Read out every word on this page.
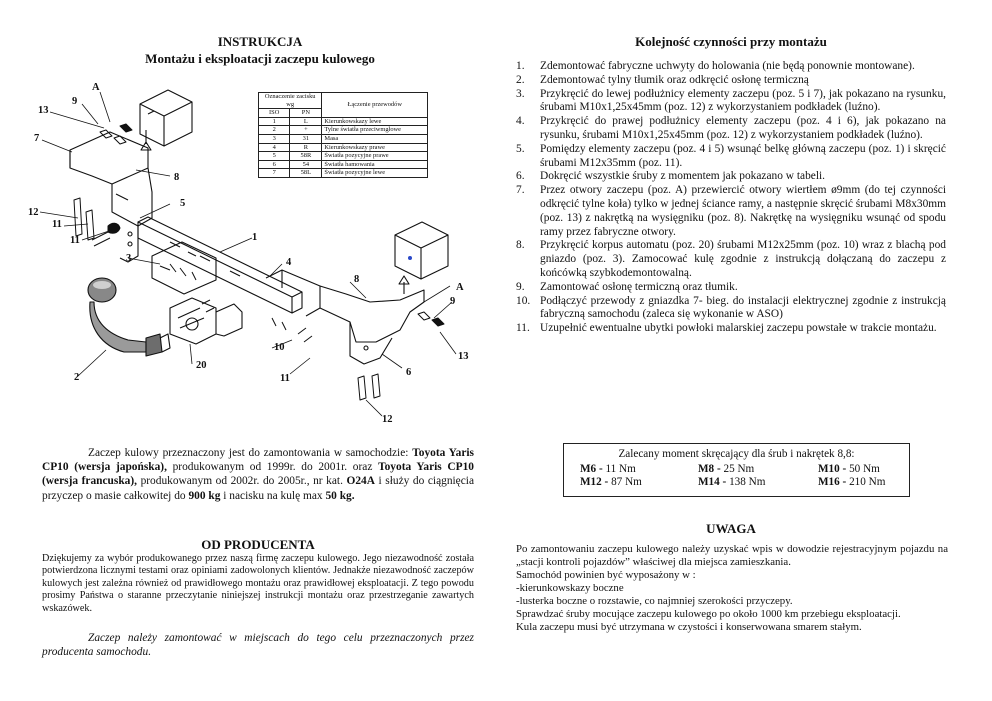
INSTRUKCJA
Montażu i eksploatacji zaczepu kulowego
A
9
13
7
8
5
12
11
11
3
1
4
8
A
9
13
10
20
2	6
11
12
Oznaczenie zacisku wg		Łączenie przewodów
ISO	PN	
1	L	Kierunkowskazy lewe
2	+	Tylne światła przeciwmgłowe
3	31	Masa
4	R	Kierunkowskazy prawe
5	58R	Światła pozycyjne prawe
6	54	Światła hamowania
7	58L	Światła pozycyjne lewe
Zaczep kulowy przeznaczony jest do zamontowania w samochodzie: Toyota Yaris CP10 (wersja japońska), produkowanym od 1999r. do 2001r. oraz Toyota Yaris CP10 (wersja francuska), produkowanym od 2002r. do 2005r., nr kat. O24A i służy do ciągnięcia przyczep o masie całkowitej do 900 kg i nacisku na kulę max 50 kg.
OD PRODUCENTA
Dziękujemy za wybór produkowanego przez naszą firmę zaczepu kulowego. Jego niezawodność została potwierdzona licznymi testami oraz opiniami zadowolonych klientów. Jednakże niezawodność zaczepów kulowych jest zależna również od prawidłowego montażu oraz prawidłowej eksploatacji. Z tego powodu prosimy Państwa o staranne przeczytanie niniejszej instrukcji montażu oraz przestrzeganie zawartych wskazówek.
Zaczep należy zamontować w miejscach do tego celu przeznaczonych przez producenta samochodu.
Kolejność czynności przy montażu
1. Zdemontować fabryczne uchwyty do holowania (nie będą ponownie montowane).
2. Zdemontować tylny tłumik oraz odkręcić osłonę termiczną
3. Przykręcić do lewej podłużnicy elementy zaczepu (poz. 5 i 7), jak pokazano na rysunku, śrubami M10x1,25x45mm (poz. 12) z wykorzystaniem podkładek (luźno).
4. Przykręcić do prawej podłużnicy elementy zaczepu (poz. 4 i 6), jak pokazano na rysunku, śrubami M10x1,25x45mm (poz. 12) z wykorzystaniem podkładek (luźno).
5. Pomiędzy elementy zaczepu (poz. 4 i 5) wsunąć belkę główną zaczepu (poz. 1) i skręcić śrubami M12x35mm (poz. 11).
6. Dokręcić wszystkie śruby z momentem jak pokazano w tabeli.
7. Przez otwory zaczepu (poz. A) przewiercić otwory wiertłem ø9mm (do tej czynności odkręcić tylne koła) tylko w jednej ściance ramy, a następnie skręcić śrubami M8x30mm (poz. 13) z nakrętką na wysięgniku (poz. 8). Nakrętkę na wysięgniku wsunąć od spodu ramy przez fabryczne otwory.
8. Przykręcić korpus automatu (poz. 20) śrubami M12x25mm (poz. 10) wraz z blachą pod gniazdo (poz. 3). Zamocować kulę zgodnie z instrukcją dołączaną do zaczepu z końcówką szybkodemontowalną.
9. Zamontować osłonę termiczną oraz tłumik.
10. Podłączyć przewody z gniazdka 7- bieg. do instalacji elektrycznej zgodnie z instrukcją fabryczną samochodu (zaleca się wykonanie w ASO)
11. Uzupełnić ewentualne ubytki powłoki malarskiej zaczepu powstałe w trakcie montażu.
Zalecany moment skręcający dla śrub i nakrętek 8,8:
M6 - 11 Nm	M8 - 25 Nm	M10 - 50 Nm
M12 - 87 Nm	M14 - 138 Nm	M16 - 210 Nm
UWAGA
Po zamontowaniu zaczepu kulowego należy uzyskać wpis w dowodzie rejestracyjnym pojazdu na „stacji kontroli pojazdów” właściwej dla miejsca zamieszkania.
Samochód powinien być wyposażony w :
-kierunkowskazy boczne
-lusterka boczne o rozstawie, co najmniej szerokości przyczepy.
Sprawdzać śruby mocujące zaczepu kulowego po około 1000 km przebiegu eksploatacji.
Kula zaczepu musi być utrzymana w czystości i konserwowana smarem stałym.
